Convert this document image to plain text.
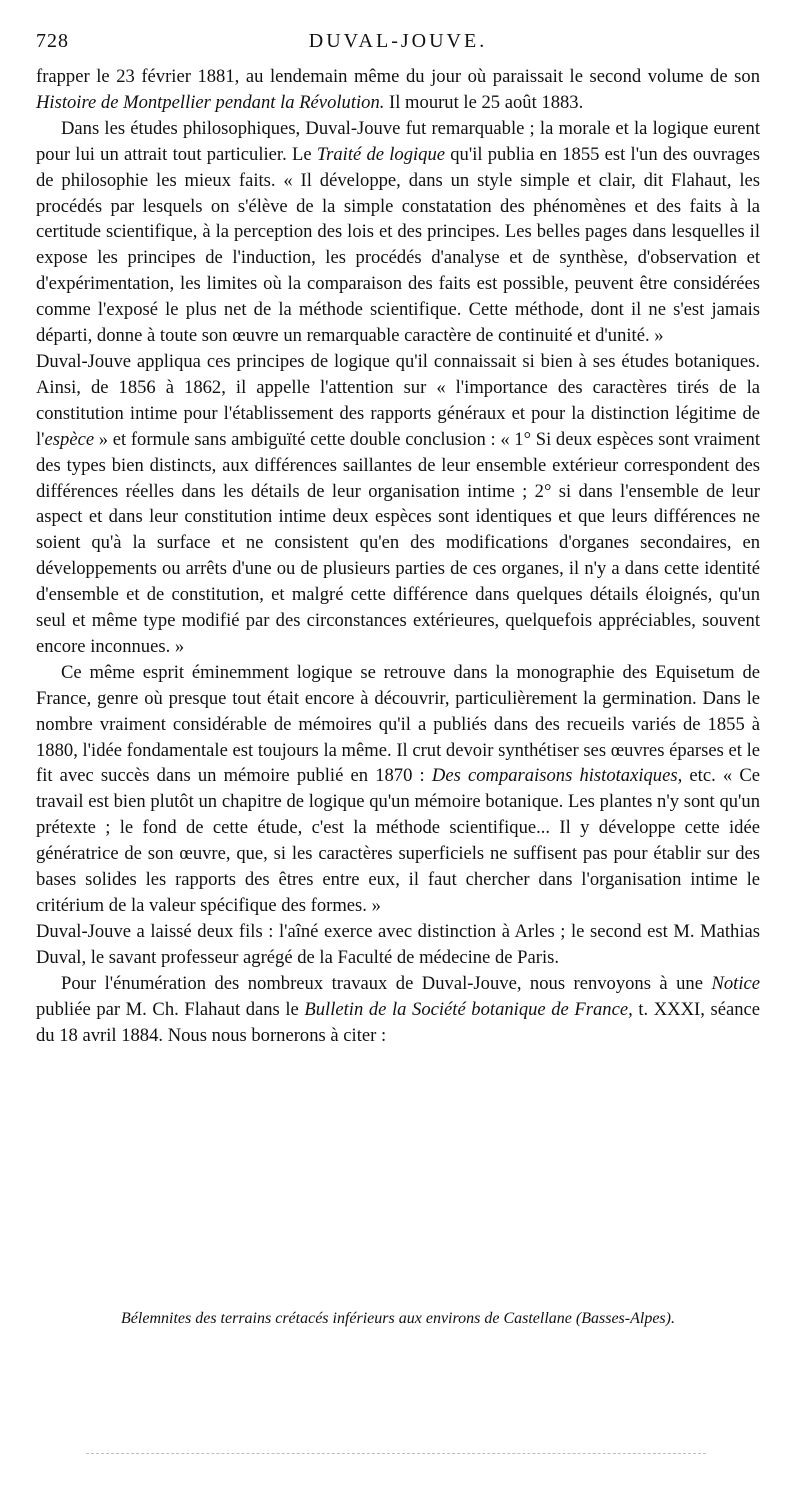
728	DUVAL-JOUVE.

frapper le 23 février 1881, au lendemain même du jour où paraissait le second volume de son Histoire de Montpellier pendant la Révolution. Il mourut le 25 août 1883.

Dans les études philosophiques, Duval-Jouve fut remarquable ; la morale et la logique eurent pour lui un attrait tout particulier. Le Traité de logique qu'il publia en 1855 est l'un des ouvrages de philosophie les mieux faits. « Il développe, dans un style simple et clair, dit Flahaut, les procédés par lesquels on s'élève de la simple constatation des phénomènes et des faits à la certitude scientifique, à la perception des lois et des principes. Les belles pages dans lesquelles il expose les principes de l'induction, les procédés d'analyse et de synthèse, d'observation et d'expérimentation, les limites où la comparaison des faits est possible, peuvent être considérées comme l'exposé le plus net de la méthode scientifique. Cette méthode, dont il ne s'est jamais départi, donne à toute son œuvre un remarquable caractère de continuité et d'unité. »

Duval-Jouve appliqua ces principes de logique qu'il connaissait si bien à ses études botaniques. Ainsi, de 1856 à 1862, il appelle l'attention sur « l'importance des caractères tirés de la constitution intime pour l'établissement des rapports généraux et pour la distinction légitime de l'espèce » et formule sans ambiguïté cette double conclusion : « 1° Si deux espèces sont vraiment des types bien distincts, aux différences saillantes de leur ensemble extérieur correspondent des différences réelles dans les détails de leur organisation intime ; 2° si dans l'ensemble de leur aspect et dans leur constitution intime deux espèces sont identiques et que leurs différences ne soient qu'à la surface et ne consistent qu'en des modifications d'organes secondaires, en développements ou arrêts d'une ou de plusieurs parties de ces organes, il n'y a dans cette identité d'ensemble et de constitution, et malgré cette différence dans quelques détails éloignés, qu'un seul et même type modifié par des circonstances extérieures, quelquefois appréciables, souvent encore inconnues. »

Ce même esprit éminemment logique se retrouve dans la monographie des Equisetum de France, genre où presque tout était encore à découvrir, particulièrement la germination. Dans le nombre vraiment considérable de mémoires qu'il a publiés dans des recueils variés de 1855 à 1880, l'idée fondamentale est toujours la même. Il crut devoir synthétiser ses œuvres éparses et le fit avec succès dans un mémoire publié en 1870 : Des comparaisons histotaxiques, etc. « Ce travail est bien plutôt un chapitre de logique qu'un mémoire botanique. Les plantes n'y sont qu'un prétexte ; le fond de cette étude, c'est la méthode scientifique... Il y développe cette idée génératrice de son œuvre, que, si les caractères superficiels ne suffisent pas pour établir sur des bases solides les rapports des êtres entre eux, il faut chercher dans l'organisation intime le critérium de la valeur spécifique des formes. »

Duval-Jouve a laissé deux fils : l'aîné exerce avec distinction à Arles ; le second est M. Mathias Duval, le savant professeur agrégé de la Faculté de médecine de Paris.

Pour l'énumération des nombreux travaux de Duval-Jouve, nous renvoyons à une Notice publiée par M. Ch. Flahaut dans le Bulletin de la Société botanique de France, t. XXXI, séance du 18 avril 1884. Nous nous bornerons à citer :

Bélemnites des terrains crétacés inférieurs aux environs de Castellane (Basses-Alpes).
